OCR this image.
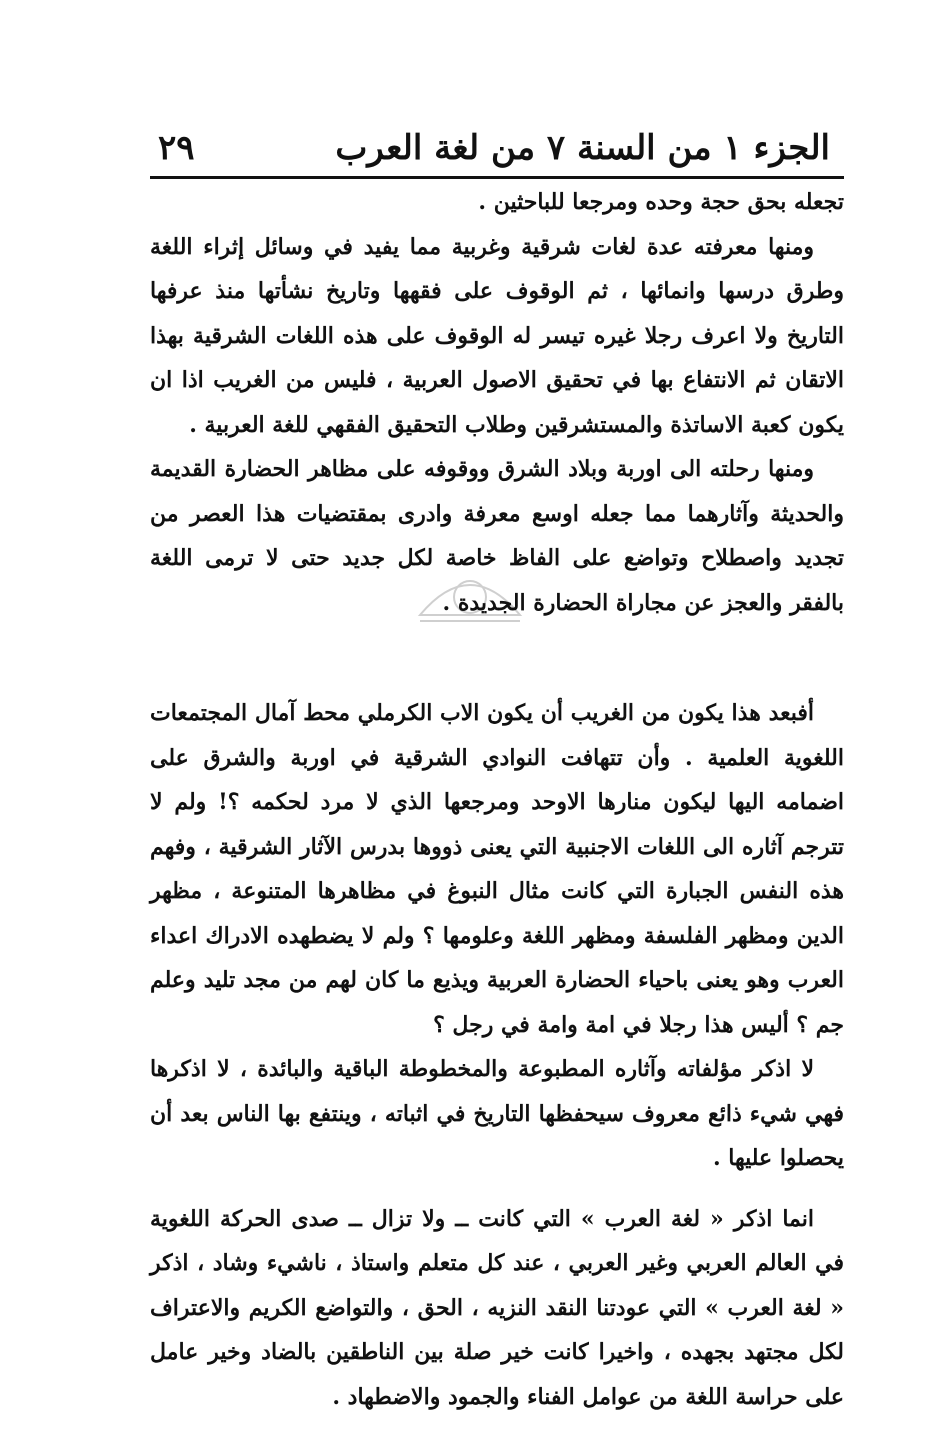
الجزء ١ من السنة ٧ من لغة العرب
٢٩

تجعله بحق حجة وحده ومرجعا للباحثين .

ومنها معرفته عدة لغات شرقية وغربية مما يفيد في وسائل إثراء اللغة وطرق درسها وانمائها ، ثم الوقوف على فقهها وتاريخ نشأتها منذ عرفها التاريخ ولا اعرف رجلا غيره تيسر له الوقوف على هذه اللغات الشرقية بهذا الاتقان ثم الانتفاع بها في تحقيق الاصول العربية ، فليس من الغريب اذا ان يكون كعبة الاساتذة والمستشرقين وطلاب التحقيق الفقهي للغة العربية .

ومنها رحلته الى اوربة وبلاد الشرق ووقوفه على مظاهر الحضارة القديمة والحديثة وآثارهما مما جعله اوسع معرفة وادرى بمقتضيات هذا العصر من تجديد واصطلاح وتواضع على الفاظ خاصة لكل جديد حتى لا ترمى اللغة بالفقر والعجز عن مجاراة الحضارة الجديدة .

أفبعد هذا يكون من الغريب أن يكون الاب الكرملي محط آمال المجتمعات اللغوية العلمية . وأن تتهافت النوادي الشرقية في اوربة والشرق على اضمامه اليها ليكون منارها الاوحد ومرجعها الذي لا مرد لحكمه ؟! ولم لا تترجم آثاره الى اللغات الاجنبية التي يعنى ذووها بدرس الآثار الشرقية ، وفهم هذه النفس الجبارة التي كانت مثال النبوغ في مظاهرها المتنوعة ، مظهر الدين ومظهر الفلسفة ومظهر اللغة وعلومها ؟ ولم لا يضطهده الادراك اعداء العرب وهو يعنى باحياء الحضارة العربية ويذيع ما كان لهم من مجد تليد وعلم جم ؟ أليس هذا رجلا في امة وامة في رجل ؟

لا اذكر مؤلفاته وآثاره المطبوعة والمخطوطة الباقية والبائدة ، لا اذكرها فهي شيء ذائع معروف سيحفظها التاريخ في اثباته ، وينتفع بها الناس بعد أن يحصلوا عليها .

انما اذكر « لغة العرب » التي كانت ــ ولا تزال ــ صدى الحركة اللغوية في العالم العربي وغير العربي ، عند كل متعلم واستاذ ، ناشيء وشاد ، اذكر « لغة العرب » التي عودتنا النقد النزيه ، الحق ، والتواضع الكريم والاعتراف لكل مجتهد بجهده ، واخيرا كانت خير صلة بين الناطقين بالضاد وخير عامل على حراسة اللغة من عوامل الفناء والجمود والاضطهاد .
